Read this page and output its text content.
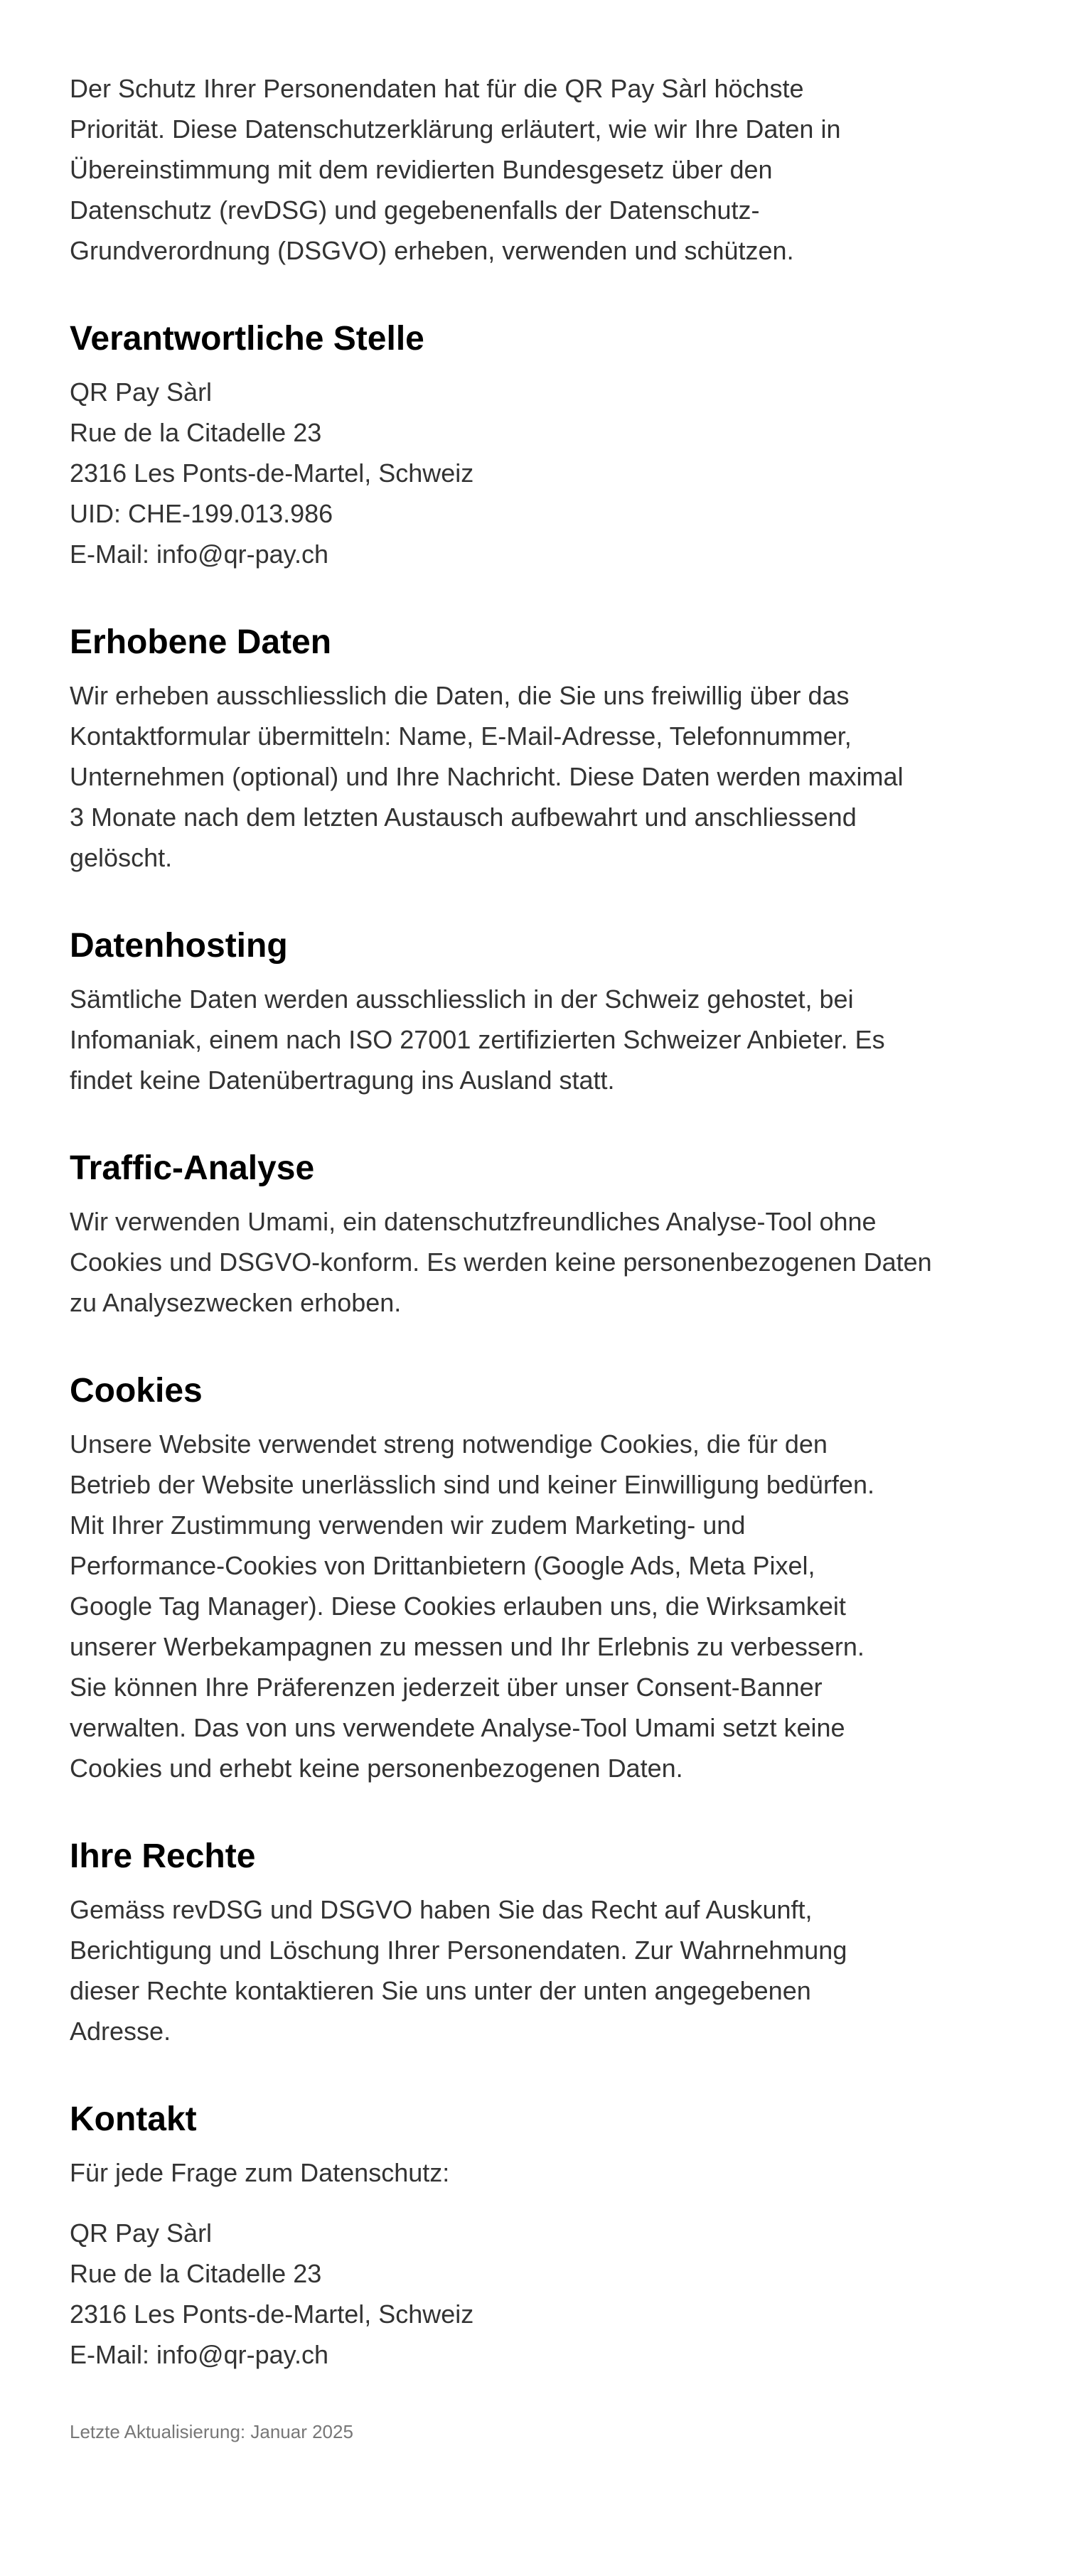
Der Schutz Ihrer Personendaten hat für die QR Pay Sàrl höchste Priorität. Diese Datenschutzerklärung erläutert, wie wir Ihre Daten in Übereinstimmung mit dem revidierten Bundesgesetz über den Datenschutz (revDSG) und gegebenenfalls der Datenschutz-Grundverordnung (DSGVO) erheben, verwenden und schützen.

Verantwortliche Stelle

QR Pay Sàrl
Rue de la Citadelle 23
2316 Les Ponts-de-Martel, Schweiz
UID: CHE-199.013.986
E-Mail: info@qr-pay.ch

Erhobene Daten

Wir erheben ausschliesslich die Daten, die Sie uns freiwillig über das Kontaktformular übermitteln: Name, E-Mail-Adresse, Telefonnummer, Unternehmen (optional) und Ihre Nachricht. Diese Daten werden maximal 3 Monate nach dem letzten Austausch aufbewahrt und anschliessend gelöscht.

Datenhosting

Sämtliche Daten werden ausschliesslich in der Schweiz gehostet, bei Infomaniak, einem nach ISO 27001 zertifizierten Schweizer Anbieter. Es findet keine Datenübertragung ins Ausland statt.

Traffic-Analyse

Wir verwenden Umami, ein datenschutzfreundliches Analyse-Tool ohne Cookies und DSGVO-konform. Es werden keine personenbezogenen Daten zu Analysezwecken erhoben.

Cookies

Unsere Website verwendet streng notwendige Cookies, die für den Betrieb der Website unerlässlich sind und keiner Einwilligung bedürfen. Mit Ihrer Zustimmung verwenden wir zudem Marketing- und Performance-Cookies von Drittanbietern (Google Ads, Meta Pixel, Google Tag Manager). Diese Cookies erlauben uns, die Wirksamkeit unserer Werbekampagnen zu messen und Ihr Erlebnis zu verbessern. Sie können Ihre Präferenzen jederzeit über unser Consent-Banner verwalten. Das von uns verwendete Analyse-Tool Umami setzt keine Cookies und erhebt keine personenbezogenen Daten.

Ihre Rechte

Gemäss revDSG und DSGVO haben Sie das Recht auf Auskunft, Berichtigung und Löschung Ihrer Personendaten. Zur Wahrnehmung dieser Rechte kontaktieren Sie uns unter der unten angegebenen Adresse.

Kontakt

Für jede Frage zum Datenschutz:

QR Pay Sàrl
Rue de la Citadelle 23
2316 Les Ponts-de-Martel, Schweiz
E-Mail: info@qr-pay.ch

Letzte Aktualisierung: Januar 2025
